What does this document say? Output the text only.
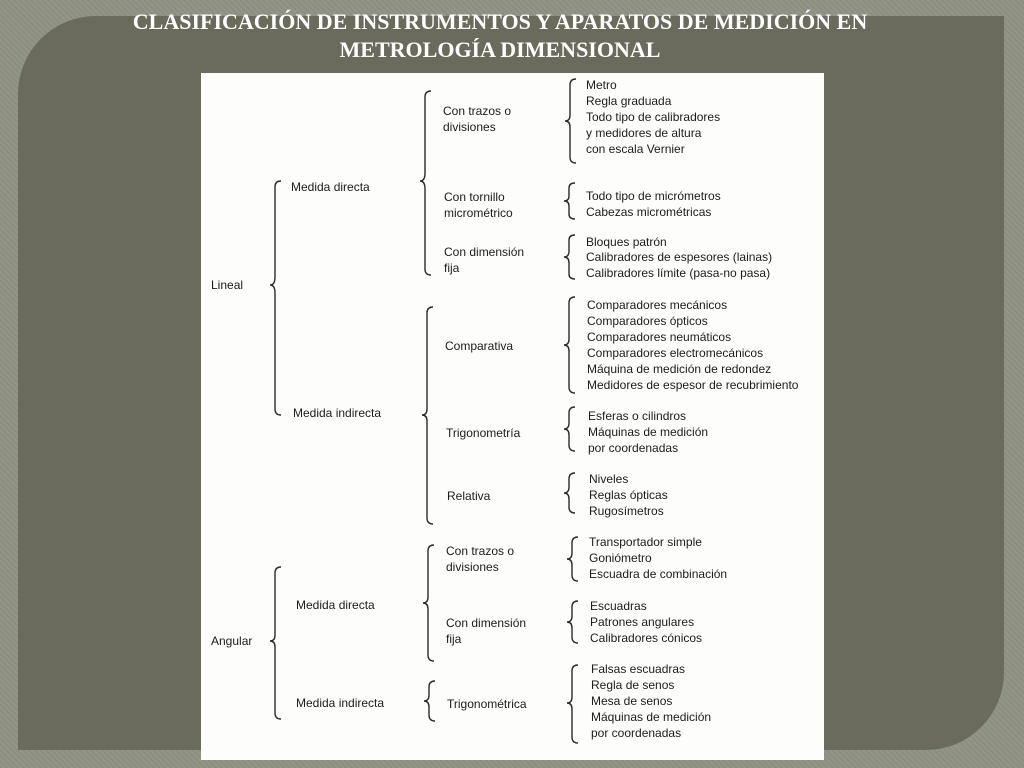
CLASIFICACIÓN DE INSTRUMENTOS Y APARATOS DE MEDICIÓN EN
METROLOGÍA DIMENSIONAL
Lineal
Angular
Medida directa
Medida indirecta
Medida directa
Medida indirecta
Con trazos o
divisiones
Con tornillo
micrométrico
Con dimensión
fija
Comparativa
Trigonometría
Relativa
Con trazos o
divisiones
Con dimensión
fija
Trigonométrica
Metro
Regla graduada
Todo tipo de calibradores
y medidores de altura
con escala Vernier
Todo tipo de micrómetros
Cabezas micrométricas
Bloques patrón
Calibradores de espesores (lainas)
Calibradores límite (pasa-no pasa)
Comparadores mecánicos
Comparadores ópticos
Comparadores neumáticos
Comparadores electromecánicos
Máquina de medición de redondez
Medidores de espesor de recubrimiento
Esferas o cilindros
Máquinas de medición
por coordenadas
Niveles
Reglas ópticas
Rugosímetros
Transportador simple
Goniómetro
Escuadra de combinación
Escuadras
Patrones angulares
Calibradores cónicos
Falsas escuadras
Regla de senos
Mesa de senos
Máquinas de medición
por coordenadas
